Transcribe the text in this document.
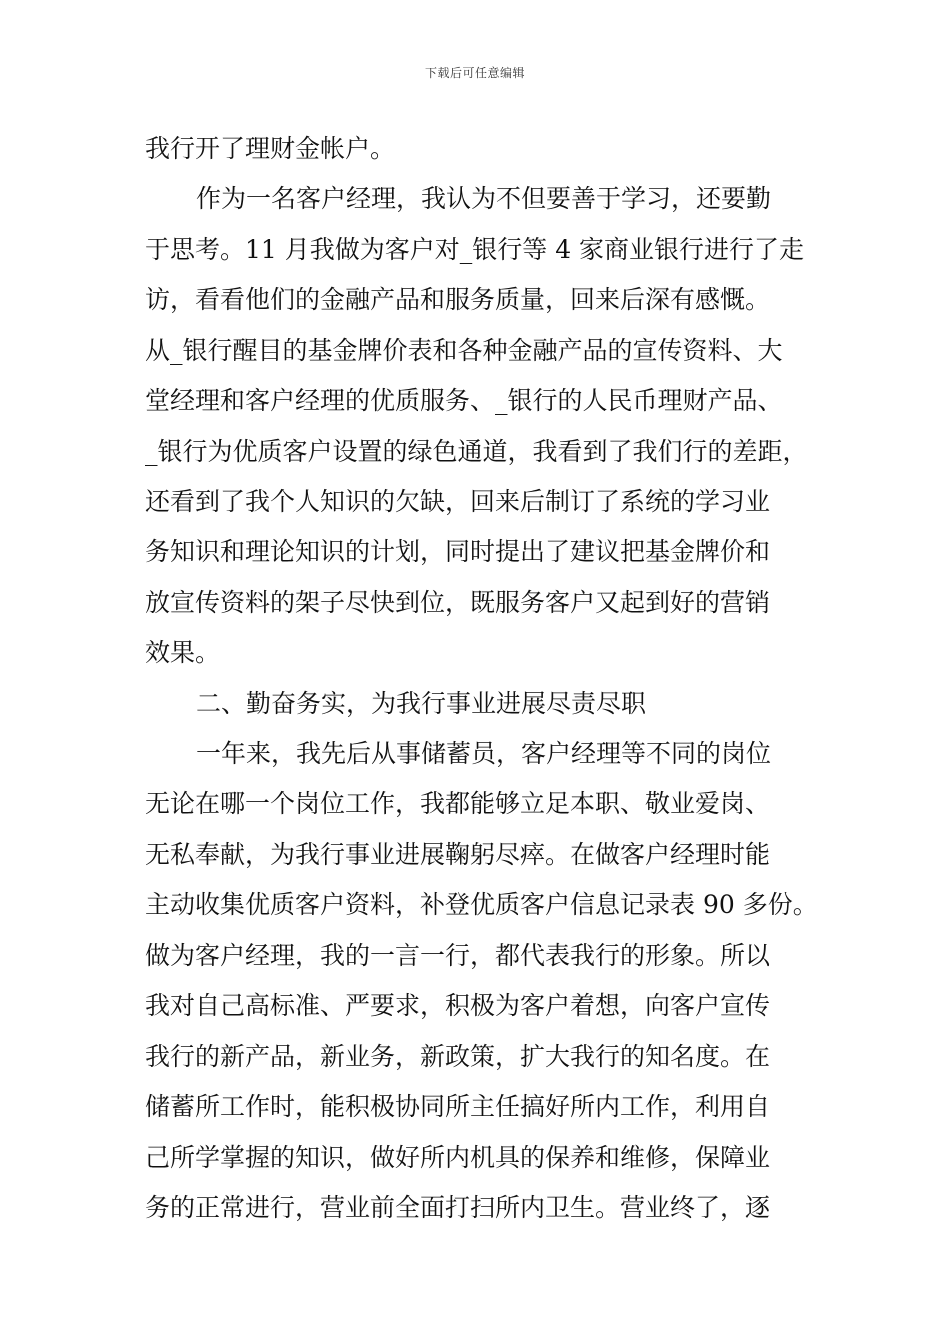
下载后可任意编辑
我行开了理财金帐户。
作为一名客户经理，我认为不但要善于学习，还要勤
于思考。11 月我做为客户对_银行等 4 家商业银行进行了走
访，看看他们的金融产品和服务质量，回来后深有感慨。
从_银行醒目的基金牌价表和各种金融产品的宣传资料、大
堂经理和客户经理的优质服务、_银行的人民币理财产品、
_银行为优质客户设置的绿色通道，我看到了我们行的差距，
还看到了我个人知识的欠缺，回来后制订了系统的学习业
务知识和理论知识的计划，同时提出了建议把基金牌价和
放宣传资料的架子尽快到位，既服务客户又起到好的营销
效果。
二、勤奋务实，为我行事业进展尽责尽职
一年来，我先后从事储蓄员，客户经理等不同的岗位
无论在哪一个岗位工作，我都能够立足本职、敬业爱岗、
无私奉献，为我行事业进展鞠躬尽瘁。在做客户经理时能
主动收集优质客户资料，补登优质客户信息记录表 90 多份。
做为客户经理，我的一言一行，都代表我行的形象。所以
我对自己高标准、严要求，积极为客户着想，向客户宣传
我行的新产品，新业务，新政策，扩大我行的知名度。在
储蓄所工作时，能积极协同所主任搞好所内工作，利用自
己所学掌握的知识，做好所内机具的保养和维修，保障业
务的正常进行，营业前全面打扫所内卫生。营业终了，逐
